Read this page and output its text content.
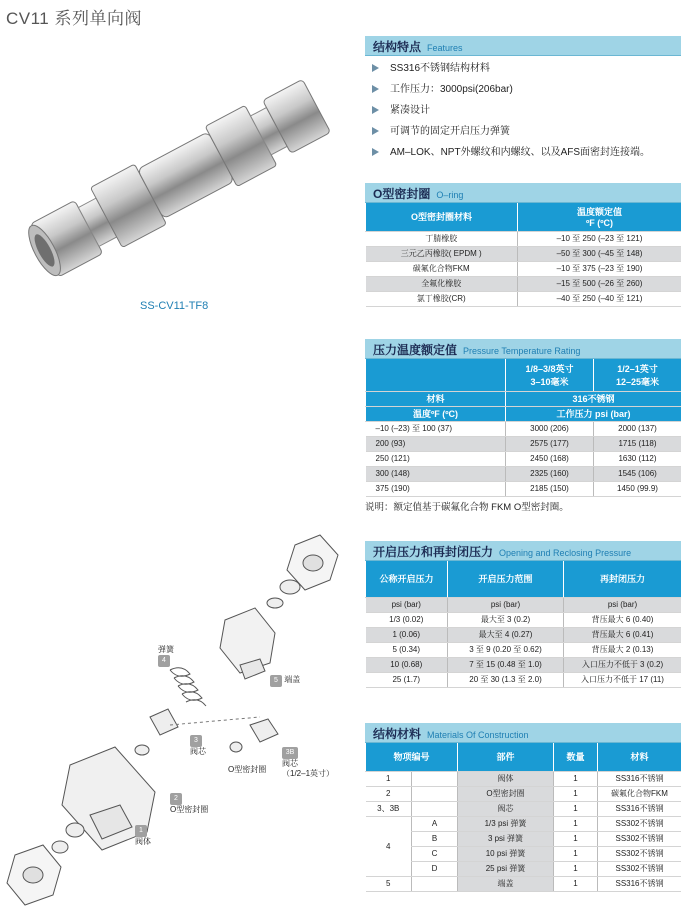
CV11 系列单向阀
SS-CV11-TF8
结构特点 Features
SS316不锈钢结构材料
工作压力：3000psi(206bar)
紧凑设计
可调节的固定开启压力弹簧
AM–LOK、NPT外螺纹和内螺纹、以及AFS面密封连接端。
O型密封圈 O–ring
O型密封圈材料	温度额定值
ºF (ºC)
丁腈橡胶	–10 至 250 (–23 至 121)
三元乙丙橡胶( EPDM )	–50 至 300 (–45 至 148)
碳氟化合物FKM	–10 至 375 (–23 至 190)
全氟化橡胶	–15 至 500 (–26 至 260)
氯丁橡胶(CR)	–40 至 250 (–40 至 121)
压力温度额定值 Pressure Temperature Rating
	1/8–3/8英寸
3–10毫米	1/2–1英寸
12–25毫米
材料	316不锈钢	
温度ºF (ºC)	工作压力 psi (bar)	
–10 (–23) 至 100 (37)	3000 (206)	2000 (137)
200 (93)	2575 (177)	1715 (118)
250 (121)	2450 (168)	1630 (112)
300 (148)	2325 (160)	1545 (106)
375 (190)	2185 (150)	1450 (99.9)
说明：额定值基于碳氟化合物 FKM O型密封圈。
开启压力和再封闭压力 Opening and Reclosing Pressure
公称开启压力	开启压力范围	再封闭压力
psi (bar)	psi (bar)	psi (bar)
1/3 (0.02)	最大至 3 (0.2)	背压最大 6 (0.40)
1 (0.06)	最大至 4 (0.27)	背压最大 6 (0.41)
5 (0.34)	3 至 9 (0.20 至 0.62)	背压最大 2 (0.13)
10 (0.68)	7 至 15 (0.48 至 1.0)	入口压力不低于 3 (0.2)
25 (1.7)	20 至 30 (1.3 至 2.0)	入口压力不低于 17 (11)
结构材料 Materials Of Construction
物项编号		部件	数量	材料
1		阀体	1	SS316不锈钢
2		O型密封圈	1	碳氟化合物FKM
3、3B		阀芯	1	SS316不锈钢
4	A	1/3 psi 弹簧	1	SS302不锈钢
	B	3 psi 弹簧	1	SS302不锈钢
	C	10 psi 弹簧	1	SS302不锈钢
	D	25 psi 弹簧	1	SS302不锈钢
5		端盖	1	SS316不锈钢
弹簧
4
5 端盖
3
阀芯
O型密封圈
3B
阀芯
（1/2–1英寸）
2
O型密封圈
1
阀体
